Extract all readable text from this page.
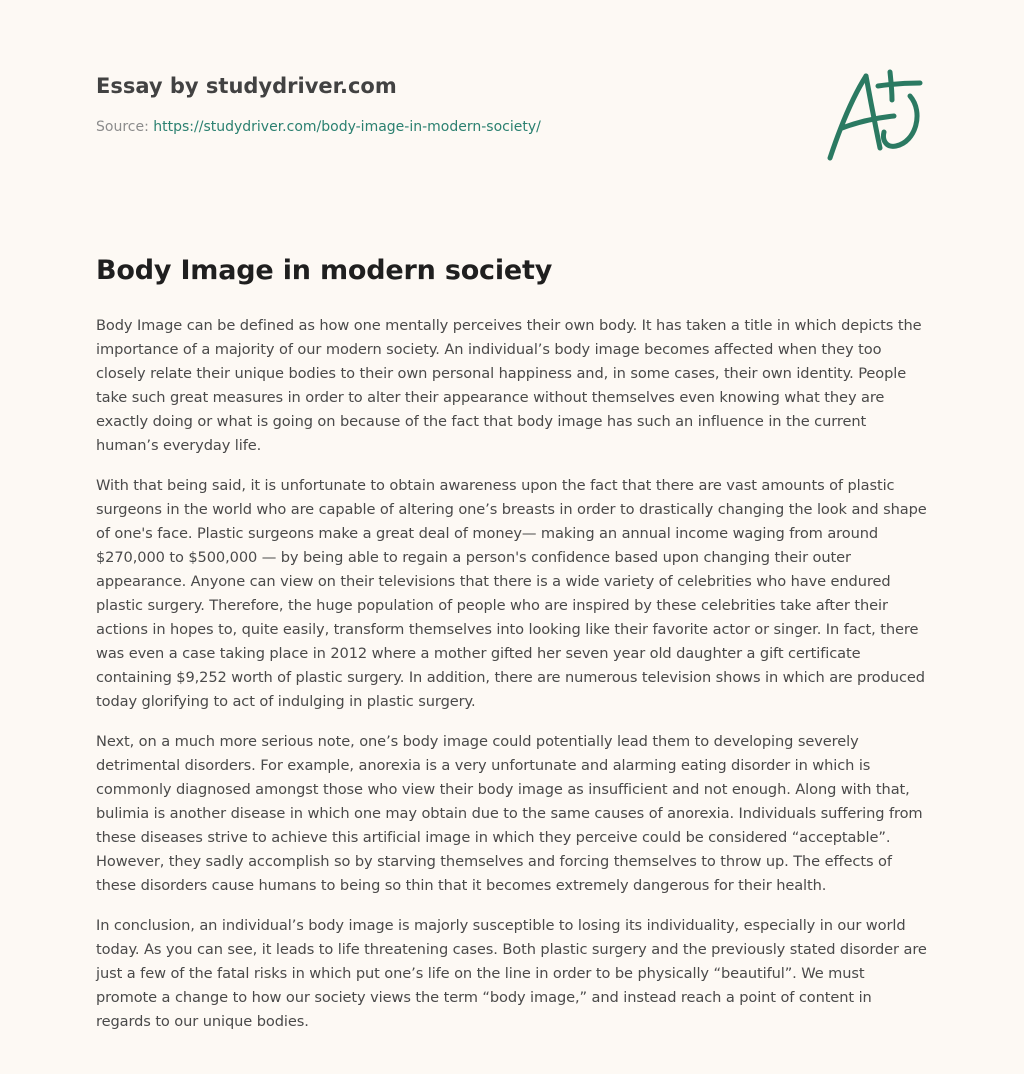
Essay by studydriver.com
Source: https://studydriver.com/body-image-in-modern-society/
Body Image in modern society

Body Image can be defined as how one mentally perceives their own body. It has taken a title in which depicts the importance of a majority of our modern society. An individual’s body image becomes affected when they too closely relate their unique bodies to their own personal happiness and, in some cases, their own identity. People take such great measures in order to alter their appearance without themselves even knowing what they are exactly doing or what is going on because of the fact that body image has such an influence in the current human’s everyday life.

With that being said, it is unfortunate to obtain awareness upon the fact that there are vast amounts of plastic surgeons in the world who are capable of altering one’s breasts in order to drastically changing the look and shape of one's face. Plastic surgeons make a great deal of money— making an annual income waging from around $270,000 to $500,000 — by being able to regain a person's confidence based upon changing their outer appearance. Anyone can view on their televisions that there is a wide variety of celebrities who have endured plastic surgery. Therefore, the huge population of people who are inspired by these celebrities take after their actions in hopes to, quite easily, transform themselves into looking like their favorite actor or singer. In fact, there was even a case taking place in 2012 where a mother gifted her seven year old daughter a gift certificate containing $9,252 worth of plastic surgery. In addition, there are numerous television shows in which are produced today glorifying to act of indulging in plastic surgery.

Next, on a much more serious note, one’s body image could potentially lead them to developing severely detrimental disorders. For example, anorexia is a very unfortunate and alarming eating disorder in which is commonly diagnosed amongst those who view their body image as insufficient and not enough. Along with that, bulimia is another disease in which one may obtain due to the same causes of anorexia. Individuals suffering from these diseases strive to achieve this artificial image in which they perceive could be considered “acceptable”. However, they sadly accomplish so by starving themselves and forcing themselves to throw up. The effects of these disorders cause humans to being so thin that it becomes extremely dangerous for their health.

In conclusion, an individual’s body image is majorly susceptible to losing its individuality, especially in our world today. As you can see, it leads to life threatening cases. Both plastic surgery and the previously stated disorder are just a few of the fatal risks in which put one’s life on the line in order to be physically “beautiful”. We must promote a change to how our society views the term “body image,” and instead reach a point of content in regards to our unique bodies.
